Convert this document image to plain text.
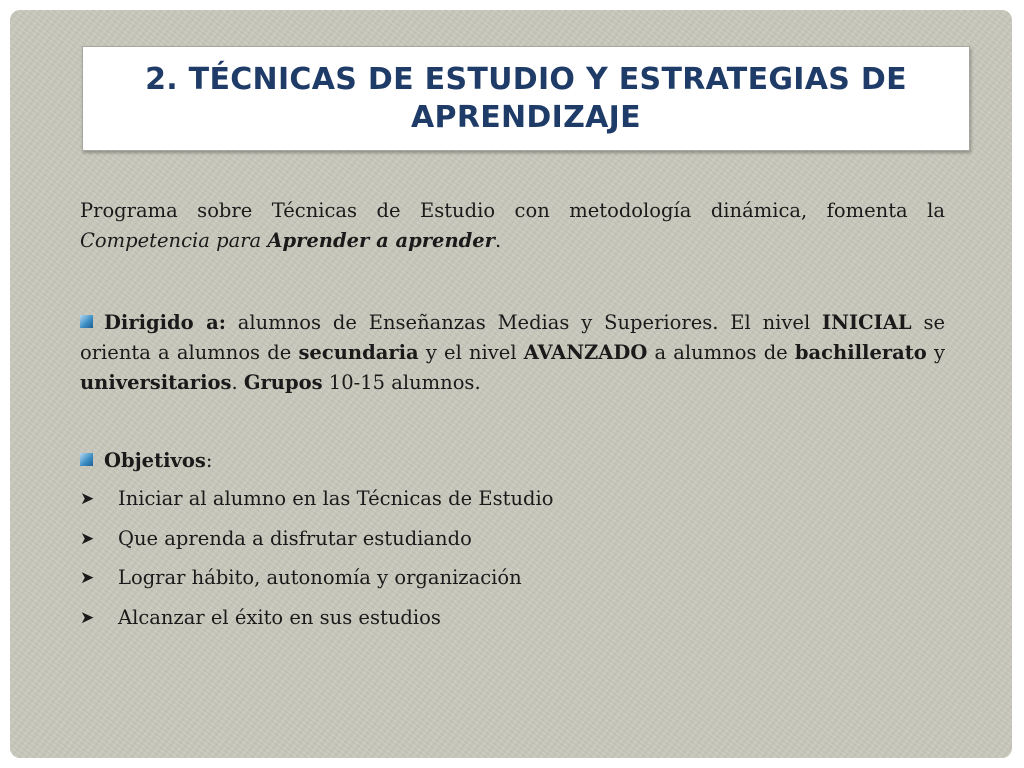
2. TÉCNICAS DE ESTUDIO Y ESTRATEGIAS DE
APRENDIZAJE

Programa sobre Técnicas de Estudio con metodología dinámica, fomenta la Competencia para Aprender a aprender.

Dirigido a: alumnos de Enseñanzas Medias y Superiores. El nivel INICIAL se orienta a alumnos de secundaria y el nivel AVANZADO a alumnos de bachillerato y universitarios. Grupos 10-15 alumnos.

Objetivos:

➤	Iniciar al alumno en las Técnicas de Estudio
➤	Que aprenda a disfrutar estudiando
➤	Lograr hábito, autonomía y organización
➤	Alcanzar el éxito en sus estudios
